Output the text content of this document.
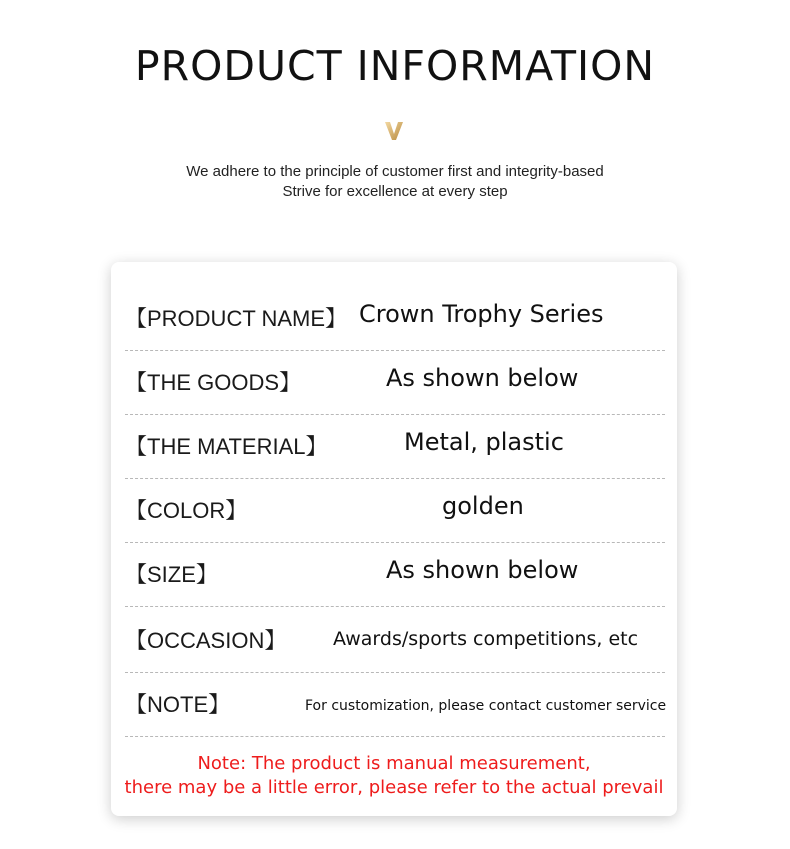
PRODUCT INFORMATION
We adhere to the principle of customer first and integrity-based
Strive for excellence at every step
【PRODUCT NAME】 Crown Trophy Series
【THE GOODS】	As shown below
【THE MATERIAL】	Metal, plastic
【COLOR】	golden
【SIZE】	As shown below
【OCCASION】 Awards/sports competitions, etc
【NOTE】	For customization, please contact customer service
Note: The product is manual measurement,
there may be a little error, please refer to the actual prevail
